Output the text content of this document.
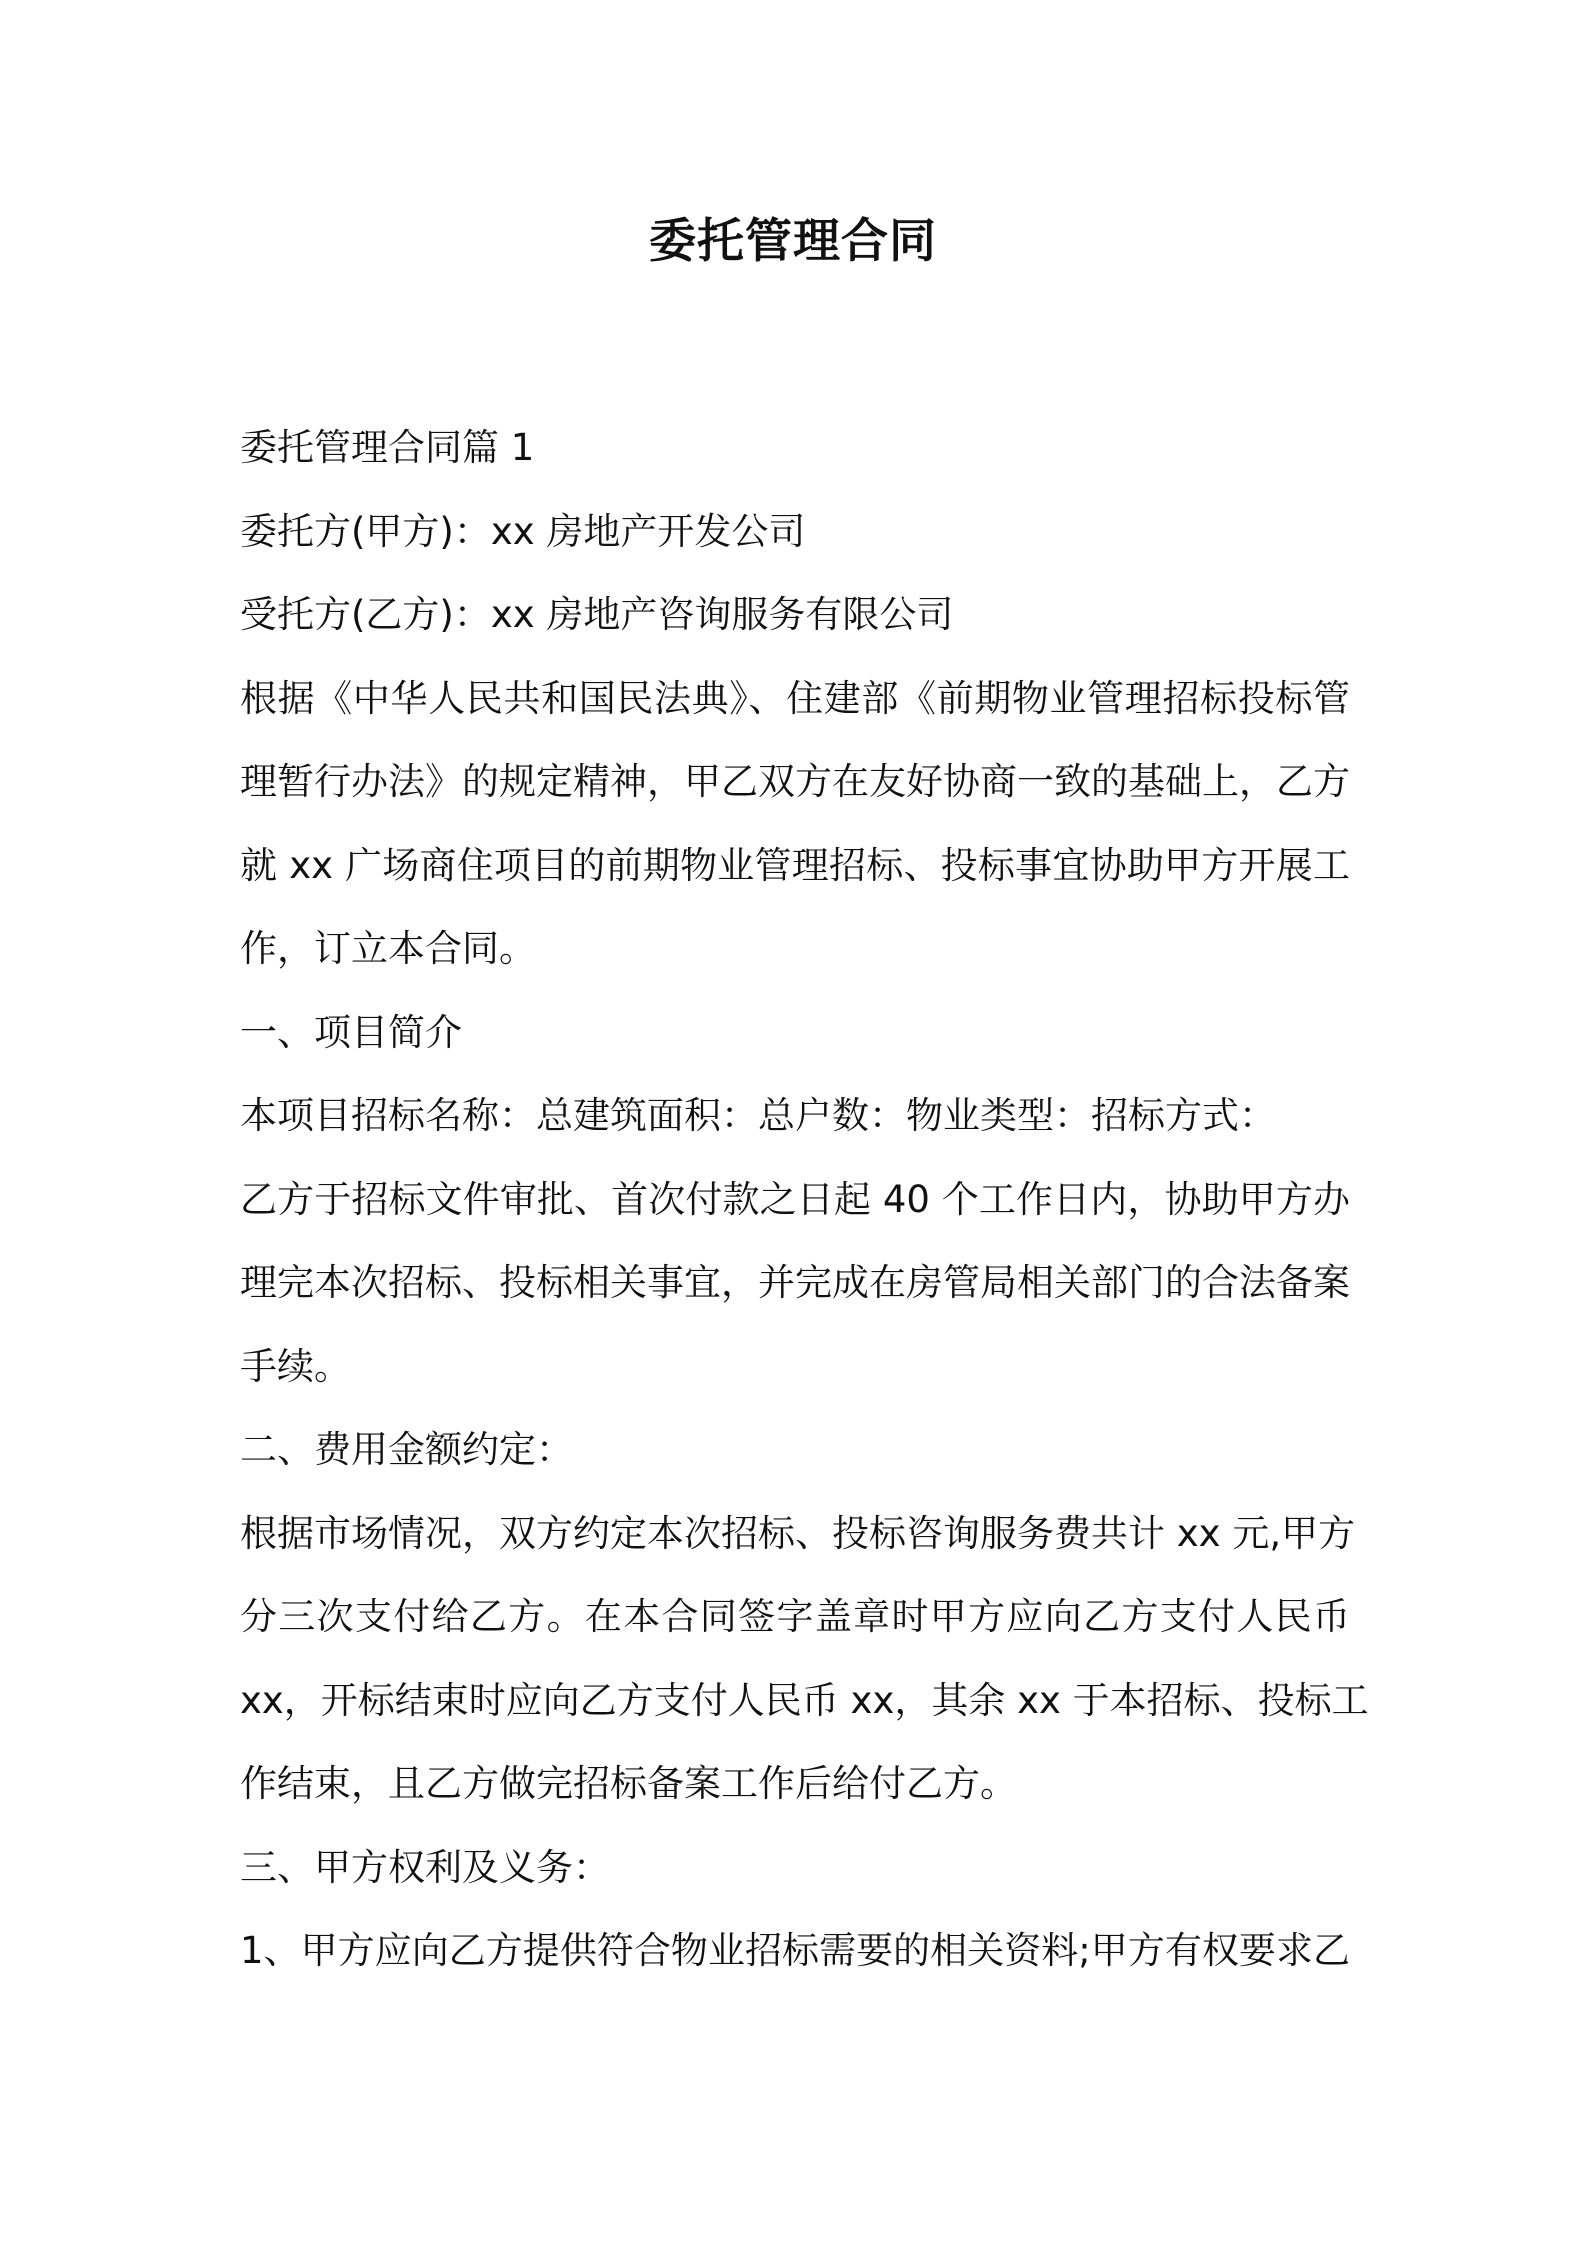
委托管理合同

委托管理合同篇 1

委托方(甲方)：xx 房地产开发公司

受托方(乙方)：xx 房地产咨询服务有限公司

根据《中华人民共和国民法典》、住建部《前期物业管理招标投标管

理暂行办法》的规定精神，甲乙双方在友好协商一致的基础上，乙方

就 xx 广场商住项目的前期物业管理招标、投标事宜协助甲方开展工

作，订立本合同。

一、项目简介

本项目招标名称：总建筑面积：总户数：物业类型：招标方式：

乙方于招标文件审批、首次付款之日起 40 个工作日内，协助甲方办

理完本次招标、投标相关事宜，并完成在房管局相关部门的合法备案

手续。

二、费用金额约定：

根据市场情况，双方约定本次招标、投标咨询服务费共计 xx 元,甲方

分三次支付给乙方。在本合同签字盖章时甲方应向乙方支付人民币

xx，开标结束时应向乙方支付人民币 xx，其余 xx 于本招标、投标工

作结束，且乙方做完招标备案工作后给付乙方。

三、甲方权利及义务：

1、甲方应向乙方提供符合物业招标需要的相关资料;甲方有权要求乙
